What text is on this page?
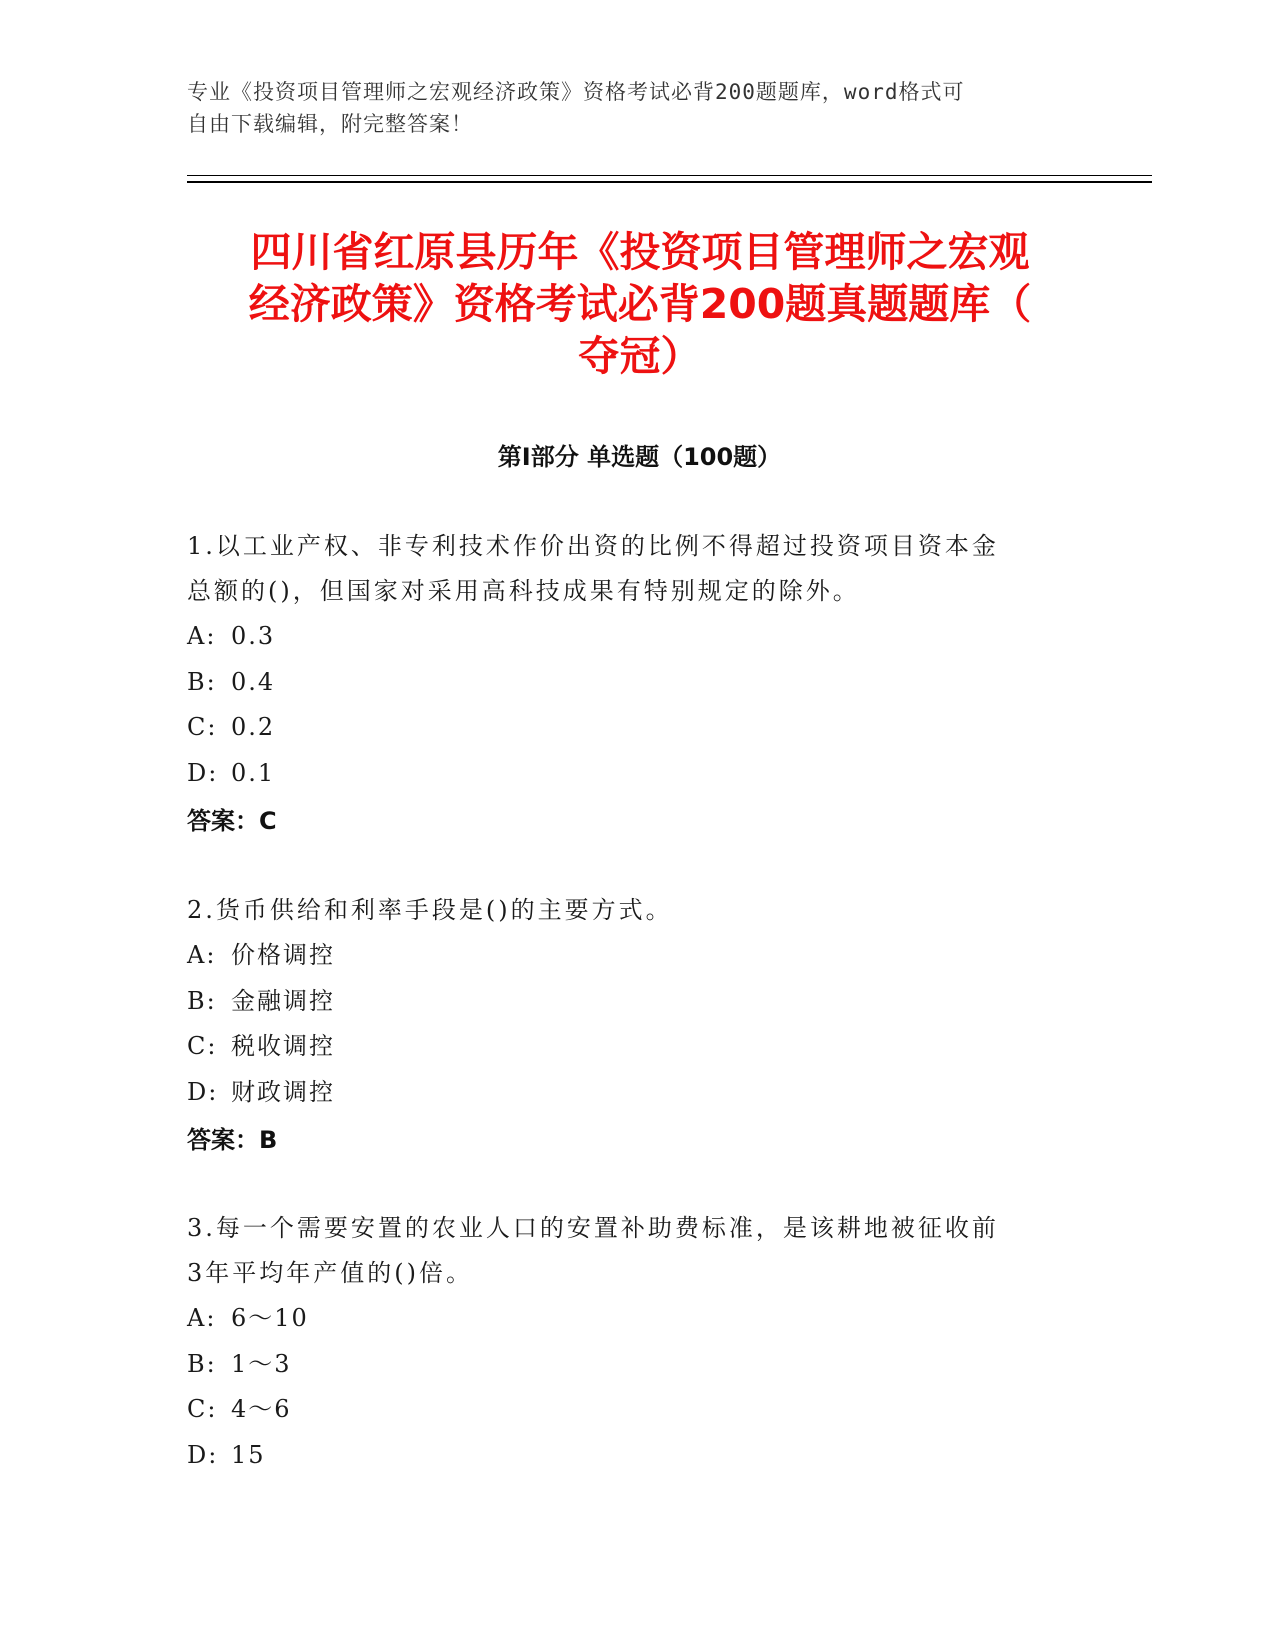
专业《投资项目管理师之宏观经济政策》资格考试必背200题题库，word格式可
自由下载编辑，附完整答案！
四川省红原县历年《投资项目管理师之宏观
经济政策》资格考试必背200题真题题库（
夺冠）
第Ⅰ部分 单选题（100题）
1.以工业产权、非专利技术作价出资的比例不得超过投资项目资本金
总额的()，但国家对采用高科技成果有特别规定的除外。
A: 0.3
B: 0.4
C: 0.2
D: 0.1
答案：C
2.货币供给和利率手段是()的主要方式。
A: 价格调控
B: 金融调控
C: 税收调控
D: 财政调控
答案：B
3.每一个需要安置的农业人口的安置补助费标准，是该耕地被征收前
3年平均年产值的()倍。
A: 6～10
B: 1～3
C: 4～6
D: 15
